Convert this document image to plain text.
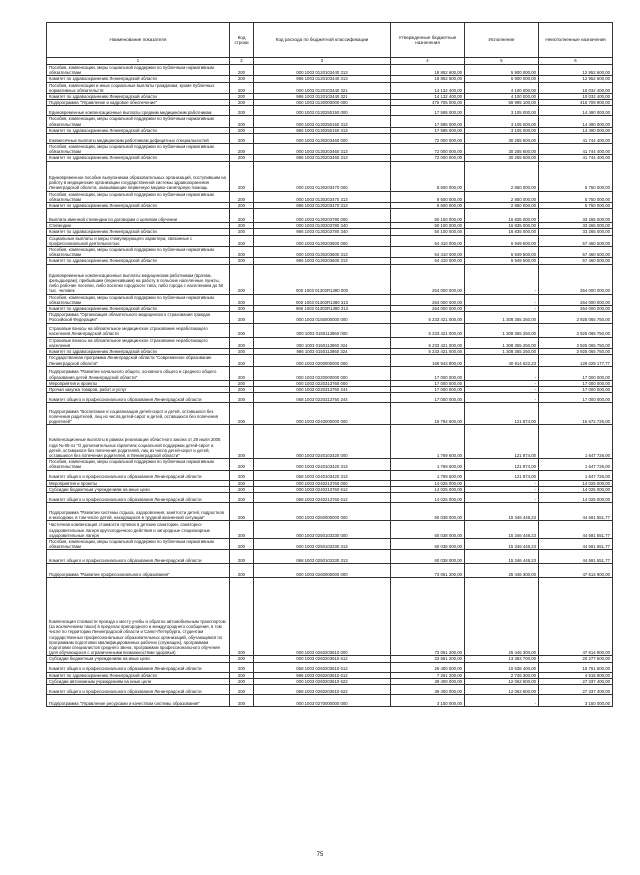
Наименование показателя	Код строки	Код расхода по бюджетной классификации	Утвержденные бюджетные назначения	Исполнение	Неисполненные назначения
1	2	3	4	5	6
Пособия, компенсации, меры социальной поддержки по публичным нормативным обязательствам	200	000 1003 0120103440 313	18 852 600,00	5 900 000,00	12 952 600,00
Комитет по здравоохранению Ленинградской области	200	986 1003 0120103440 313	18 852 600,00	5 900 000,00	12 952 600,00
Пособия, компенсации и иные социальные выплаты гражданам, кроме публичных нормативных обязательств	200	000 1003 0120103440 321	14 132 400,00	4 100 000,00	10 032 400,00
Комитет по здравоохранению Ленинградской области	200	986 1003 0120103440 321	14 132 400,00	4 100 000,00	10 032 400,00
Подпрограмма "Управление и кадровое обеспечение"	200	000 1003 0130000000 000	476 705 000,00	59 995 100,00	416 709 900,00
Единовременные компенсационные выплаты средним медицинским работникам	200	000 1003 0130250150 000	17 595 000,00	3 105 000,00	14 490 000,00
Пособия, компенсации, меры социальной поддержки по публичным нормативным обязательствам	200	000 1003 0130250150 313	17 595 000,00	3 105 000,00	14 490 000,00
Комитет по здравоохранению Ленинградской области	200	986 1003 0130250150 313	17 595 000,00	3 105 000,00	14 490 000,00
Ежемесячные выплаты медицинским работникам дефицитных специальностей	200	000 1003 0130203460 000	72 000 000,00	30 255 600,00	41 744 400,00
Пособия, компенсации, меры социальной поддержки по публичным нормативным обязательствам	200	000 1003 0130203460 313	72 000 000,00	30 255 600,00	41 744 400,00
Комитет по здравоохранению Ленинградской области	200	986 1003 0130203460 313	72 000 000,00	30 255 600,00	41 744 400,00
Единовременное пособие выпускникам образовательных организаций, поступившим на работу в медицинские организации государственной системы здравоохранения Ленинградской области, оказывающие первичную медико-санитарную помощь	200	000 1003 0130203470 000	8 600 000,00	2 850 000,00	5 750 000,00
Пособия, компенсации, меры социальной поддержки по публичным нормативным обязательствам	200	000 1003 0130203470 313	8 600 000,00	2 850 000,00	5 750 000,00
Комитет по здравоохранению Ленинградской области	200	986 1003 0130203470 313	8 600 000,00	2 850 000,00	5 750 000,00
Выплата именной стипендии по договорам о целевом обучении	200	000 1003 0130203780 000	50 100 000,00	16 835 000,00	33 265 000,00
Стипендии	200	000 1003 0130203780 340	50 100 000,00	16 835 000,00	33 265 000,00
Комитет по здравоохранению Ленинградской области	200	986 1003 0130203780 340	50 100 000,00	16 835 000,00	33 265 000,00
Социальные выплаты и меры стимулирующего характера, связанные с профессиональной деятельностью	200	000 1003 0130203600 000	64 410 000,00	6 949 500,00	57 460 500,00
Пособия, компенсации, меры социальной поддержки по публичным нормативным обязательствам	200	000 1003 0130203600 313	64 410 000,00	6 949 500,00	57 460 500,00
Комитет по здравоохранению Ленинградской области	200	986 1003 0130203600 313	64 410 000,00	6 949 500,00	57 460 500,00
Единовременные компенсационные выплаты медицинским работникам (врачам, фельдшерам), прибывшим (переехавшим) на работу в сельские населенные пункты, либо рабочие поселки, либо поселки городского типа, либо города с населением до 50 тыс. человек	200	000 1003 01302R1380 000	264 000 000,00	-	264 000 000,00
Пособия, компенсации, меры социальной поддержки по публичным нормативным обязательствам	200	000 1003 01302R1380 313	264 000 000,00	-	264 000 000,00
Комитет по здравоохранению Ленинградской области	200	986 1003 01302R1380 313	264 000 000,00	-	264 000 000,00
Подпрограмма "Организация обязательного медицинского страхования граждан Российской Федерации"	200	000 1003 0150000000 000	5 233 421 000,00	1 308 355 250,00	3 925 065 750,00
Страховые взносы на обязательное медицинское страхование неработающего населения Ленинградской области	200	000 1003 0150113860 000	5 233 421 000,00	1 308 355 250,00	3 925 065 750,00
Страховые взносы на обязательное медицинское страхование неработающего населения	200	000 1003 0150113860 324	5 233 421 000,00	1 308 355 250,00	3 925 065 750,00
Комитет по здравоохранению Ленинградской области	200	986 1003 0150113860 324	5 233 421 000,00	1 308 355 250,00	3 925 065 750,00
Государственная программа Ленинградской области "Современное образование Ленинградской области"	200	000 1003 0200000000 000	169 943 800,00	40 914 622,23	129 029 177,77
Подпрограмма "Развитие начального общего, основного общего и среднего общего образования детей Ленинградской области"	200	000 1003 0220000000 000	17 000 000,00	-	17 000 000,00
Мероприятия и проекты	200	000 1003 0220313760 000	17 000 000,00	-	17 000 000,00
Прочая закупка товаров, работ и услуг	200	000 1003 0220313760 244	17 000 000,00	-	17 000 000,00
Комитет общего и профессионального образования Ленинградской области	200	068 1003 0220313760 244	17 000 000,00	-	17 000 000,00
Подпрограмма "Воспитание и социализация детей-сирот и детей, оставшихся без попечения родителей, лиц из числа детей-сирот и детей, оставшихся без попечения родителей"	200	000 1003 0240000000 000	15 794 600,00	121 874,00	15 672 726,00
Компенсационные выплаты в рамках реализации областного закона от 28 июля 2005 года № 65-оз "О дополнительных гарантиях социальной поддержки детей-сирот и детей, оставшихся без попечения родителей, лиц из числа детей-сирот и детей, оставшихся без попечения родителей, в Ленинградской области"	200	000 1003 0240103420 000	1 769 600,00	121 874,00	1 647 726,00
Пособия, компенсации, меры социальной поддержки по публичным нормативным обязательствам	200	000 1003 0240103420 313	1 769 600,00	121 874,00	1 647 726,00
Комитет общего и профессионального образования Ленинградской области	200	068 1003 0240103420 313	1 769 600,00	121 874,00	1 647 726,00
Мероприятия и проекты	200	000 1003 0240213760 000	14 025 000,00	-	14 025 000,00
Субсидии бюджетным учреждениям на иные цели	200	000 1003 0240213760 612	14 025 000,00	-	14 025 000,00
Комитет общего и профессионального образования Ленинградской области	200	068 1003 0240213760 612	14 025 000,00	-	14 025 000,00
Подпрограмма "Развитие системы отдыха, оздоровления, занятости детей, подростков и молодежи, в том числе детей, находящихся в трудной жизненной ситуации"	200	000 1003 0250000000 000	60 038 000,00	15 346 448,23	44 691 551,77
Частичная компенсация стоимости путевок в детские санатории, санаторно-оздоровительные лагеря круглогодичного действия и загородные стационарные оздоровительные лагеря	200	000 1003 0250103330 000	60 038 000,00	15 346 448,23	44 691 551,77
Пособия, компенсации, меры социальной поддержки по публичным нормативным обязательствам	200	000 1003 0250103330 313	60 038 000,00	15 346 448,23	44 691 551,77
Комитет общего и профессионального образования Ленинградской области	200	068 1003 0250103330 313	60 038 000,00	15 346 448,23	44 691 551,77
Подпрограмма "Развитие профессионального образования"	200	000 1003 0260000000 000	73 061 200,00	25 446 300,00	47 614 900,00
Компенсация стоимости проезда к месту учебы и обратно автомобильным транспортом (за исключением такси) в пределах пригородного и междугороднего сообщения, в том числе по территории Ленинградской области и Санкт-Петербурга, студентам государственных профессиональных образовательных организаций, обучающимся по программам подготовки квалифицированных рабочих (служащих), программам подготовки специалистов среднего звена, программам профессионального обучения (для обучающихся с ограниченными возможностями здоровья)	200	000 1003 0260203610 000	73 061 200,00	25 446 300,00	47 614 900,00
Субсидии бюджетным учреждениям на иные цели	200	000 1003 0260203610 612	33 661 200,00	13 383 700,00	20 277 500,00
Комитет общего и профессионального образования Ленинградской области	200	068 1003 0260203610 612	26 400 000,00	10 638 400,00	15 761 600,00
Комитет по здравоохранению Ленинградской области	200	986 1003 0260203610 612	7 261 200,00	2 745 300,00	4 515 900,00
Субсидии автономным учреждениям на иные цели	200	000 1003 0260203610 622	39 400 000,00	12 062 600,00	27 337 400,00
Комитет общего и профессионального образования Ленинградской области	200	068 1003 0260203610 622	39 400 000,00	12 062 600,00	27 337 400,00
Подпрограмма "Управление ресурсами и качеством системы образования"	200	000 1003 0270000000 000	3 150 000,00	-	3 150 000,00
75
